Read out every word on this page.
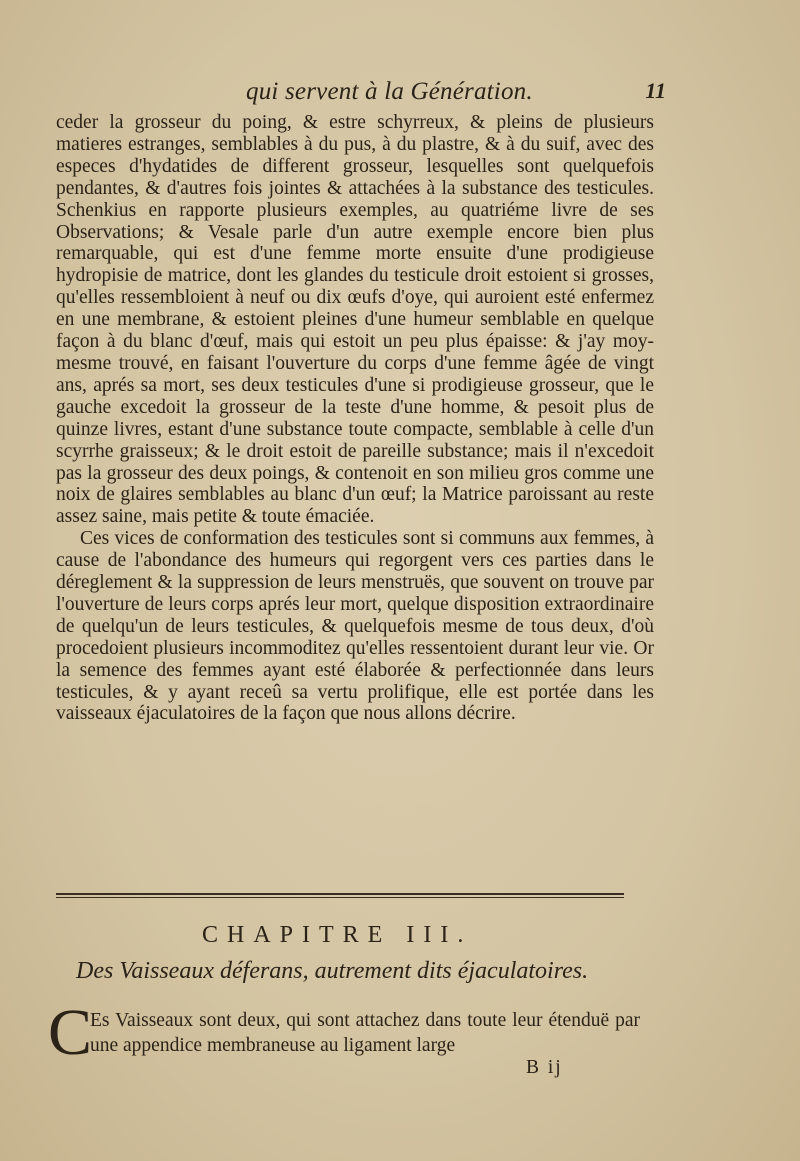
qui servent à la Génération.	11

ceder la grosseur du poing, & estre schyrreux, & pleins de plusieurs matieres estranges, semblables à du pus, à du plastre, & à du suif, avec des especes d'hydatides de different grosseur, lesquelles sont quelquefois pendantes, & d'autres fois jointes & attachées à la substance des testicules. Schenkius en rapporte plusieurs exemples, au quatriéme livre de ses Observations; & Vesale parle d'un autre exemple encore bien plus remarquable, qui est d'une femme morte ensuite d'une prodigieuse hydropisie de matrice, dont les glandes du testicule droit estoient si grosses, qu'elles ressembloient à neuf ou dix œufs d'oye, qui auroient esté enfermez en une membrane, & estoient pleines d'une humeur semblable en quelque façon à du blanc d'œuf, mais qui estoit un peu plus épaisse: & j'ay moy-mesme trouvé, en faisant l'ouverture du corps d'une femme âgée de vingt ans, aprés sa mort, ses deux testicules d'une si prodigieuse grosseur, que le gauche excedoit la grosseur de la teste d'une homme, & pesoit plus de quinze livres, estant d'une substance toute compacte, semblable à celle d'un scyrrhe graisseux; & le droit estoit de pareille substance; mais il n'excedoit pas la grosseur des deux poings, & contenoit en son milieu gros comme une noix de glaires semblables au blanc d'un œuf; la Matrice paroissant au reste assez saine, mais petite & toute émaciée.

Ces vices de conformation des testicules sont si communs aux femmes, à cause de l'abondance des humeurs qui regorgent vers ces parties dans le déreglement & la suppression de leurs menstruës, que souvent on trouve par l'ouverture de leurs corps aprés leur mort, quelque disposition extraordinaire de quelqu'un de leurs testicules, & quelquefois mesme de tous deux, d'où procedoient plusieurs incommoditez qu'elles ressentoient durant leur vie. Or la semence des femmes ayant esté élaborée & perfectionnée dans leurs testicules, & y ayant receû sa vertu prolifique, elle est portée dans les vaisseaux éjaculatoires de la façon que nous allons décrire.

CHAPITRE III.
Des Vaisseaux déferans, autrement dits éjaculatoires.
C

Es Vaisseaux sont deux, qui sont attachez dans toute leur étenduë par une appendice membraneuse au ligament large

B ij
